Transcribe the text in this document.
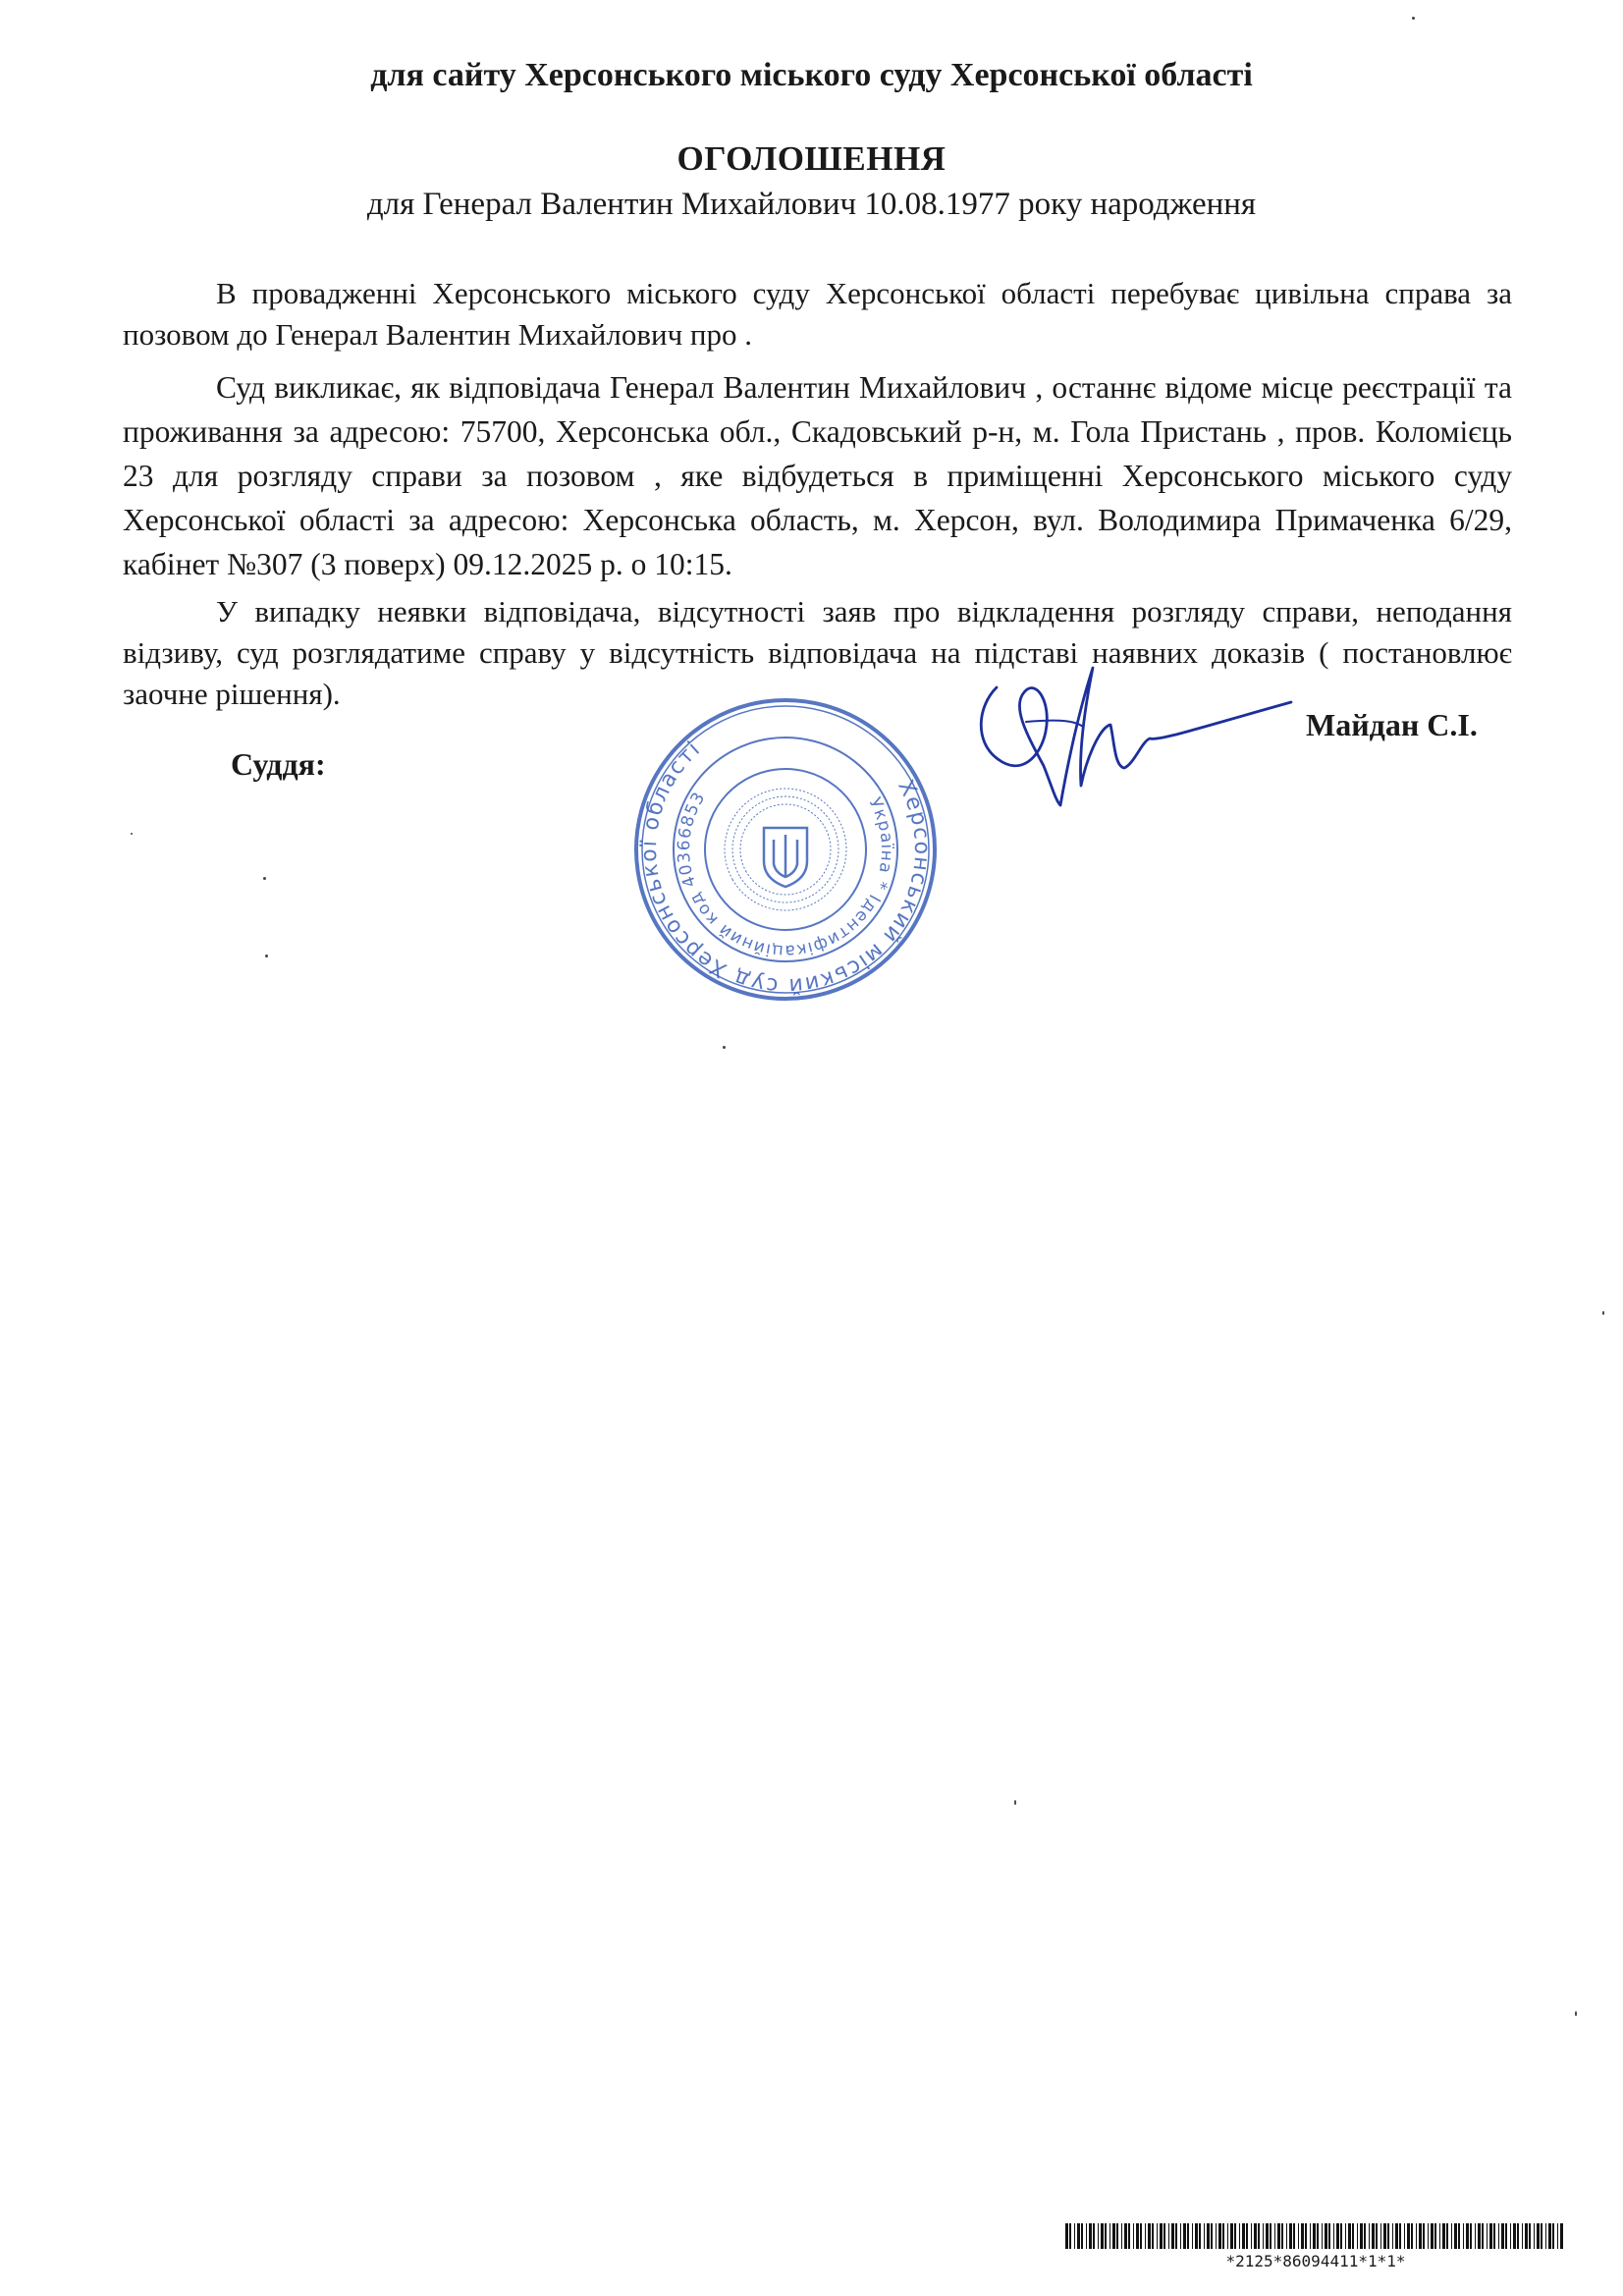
для сайту Херсонського міського суду Херсонської області
ОГОЛОШЕННЯ
для Генерал Валентин Михайлович 10.08.1977 року народження
В провадженні Херсонського міського суду Херсонської області перебуває цивільна справа за позовом до Генерал Валентин Михайлович про .
Суд викликає, як відповідача Генерал Валентин Михайлович , останнє відоме місце реєстрації та проживання за адресою: 75700, Херсонська обл., Скадовський р-н, м. Гола Пристань , пров. Коломієць 23 для розгляду справи за позовом , яке відбудеться в приміщенні Херсонського міського суду Херсонської області за адресою: Херсонська область, м. Херсон, вул. Володимира Примаченка 6/29, кабінет №307 (3 поверх) 09.12.2025 р. о 10:15.
У випадку неявки відповідача, відсутності заяв про відкладення розгляду справи, неподання відзиву, суд розглядатиме справу у відсутність відповідача на підставі наявних доказів ( постановлює заочне рішення).
Суддя:
Майдан С.І.
Херсонський міський суд Херсонської області
Україна * Ідентифікаційний код 40366853
*2125*86094411*1*1*
